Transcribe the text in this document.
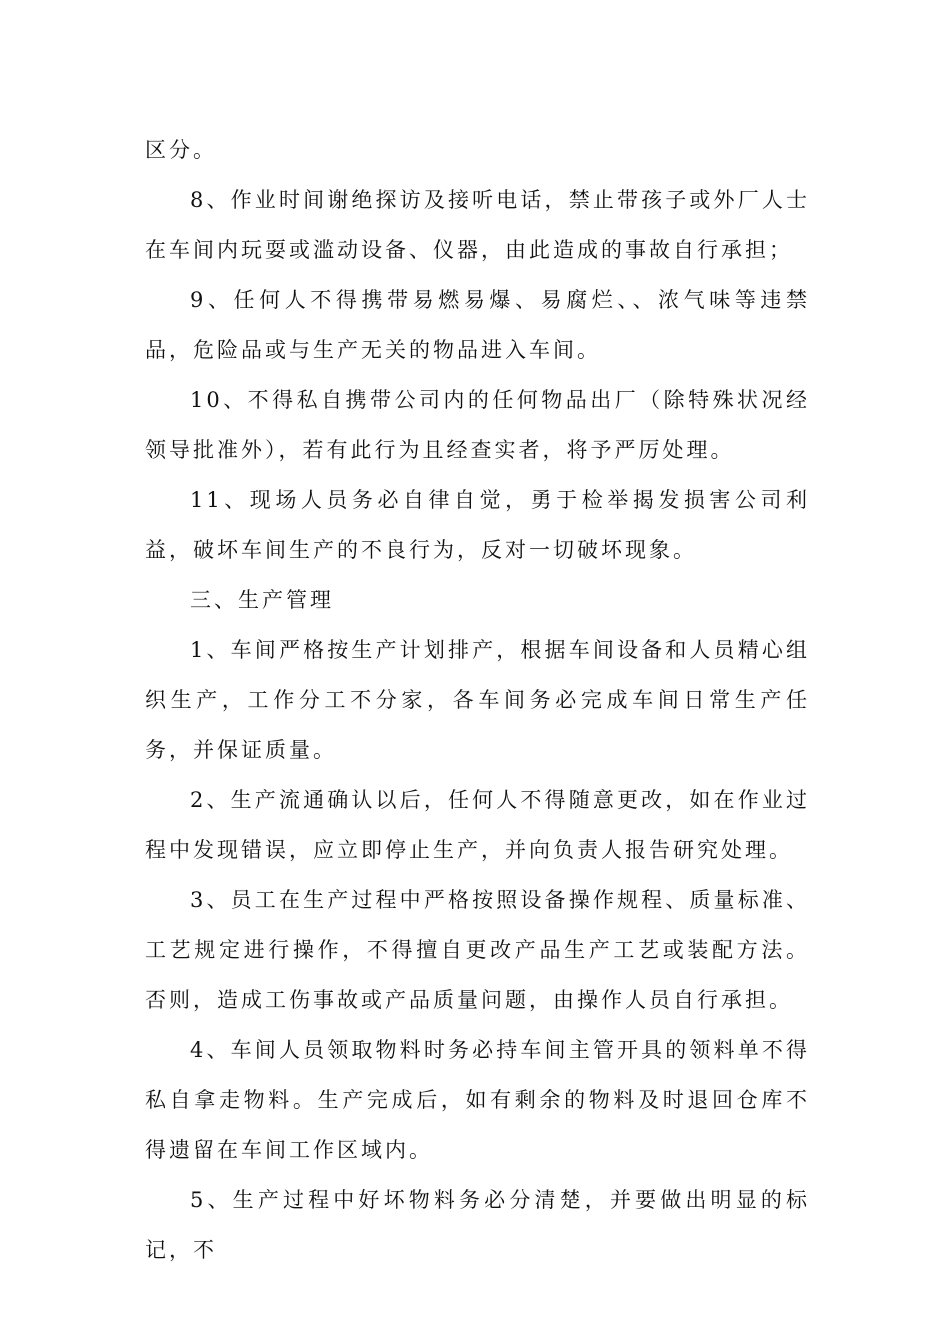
区分。

8、作业时间谢绝探访及接听电话，禁止带孩子或外厂人士在车间内玩耍或滥动设备、仪器，由此造成的事故自行承担；

9、任何人不得携带易燃易爆、易腐烂、、浓气味等违禁品，危险品或与生产无关的物品进入车间。

10、不得私自携带公司内的任何物品出厂（除特殊状况经领导批准外），若有此行为且经查实者，将予严厉处理。

11、现场人员务必自律自觉，勇于检举揭发损害公司利益，破坏车间生产的不良行为，反对一切破坏现象。

三、生产管理

1、车间严格按生产计划排产，根据车间设备和人员精心组织生产，工作分工不分家，各车间务必完成车间日常生产任务，并保证质量。

2、生产流通确认以后，任何人不得随意更改，如在作业过程中发现错误，应立即停止生产，并向负责人报告研究处理。

3、员工在生产过程中严格按照设备操作规程、质量标准、工艺规定进行操作，不得擅自更改产品生产工艺或装配方法。否则，造成工伤事故或产品质量问题，由操作人员自行承担。

4、车间人员领取物料时务必持车间主管开具的领料单不得私自拿走物料。生产完成后，如有剩余的物料及时退回仓库不得遗留在车间工作区域内。

5、生产过程中好坏物料务必分清楚，并要做出明显的标记，不
